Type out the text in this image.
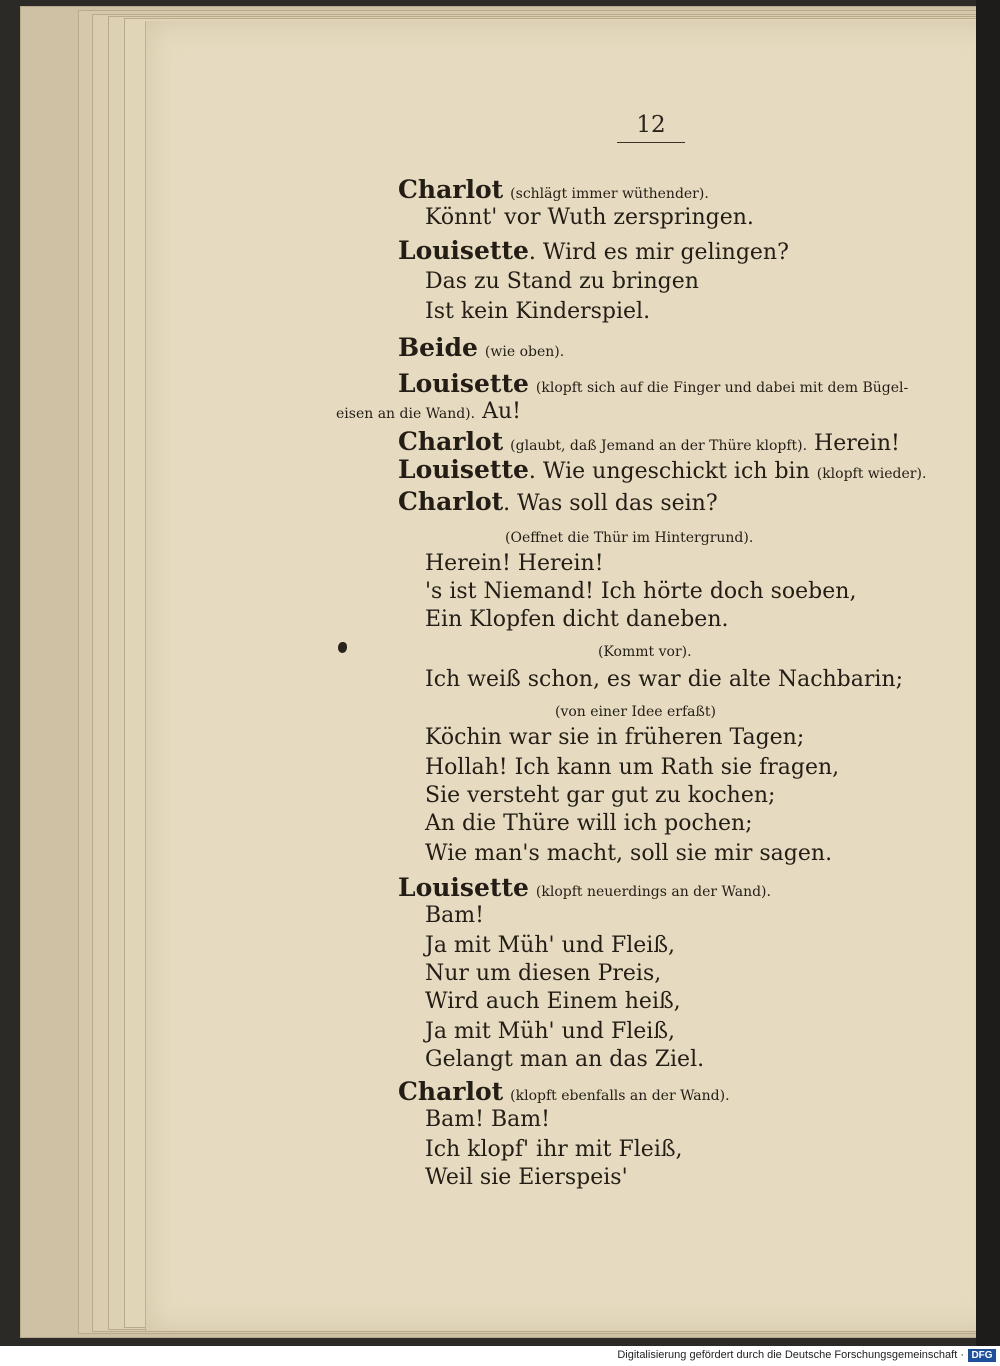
12
Charlot (schlägt immer wüthender).
Könnt' vor Wuth zerspringen.
Louisette. Wird es mir gelingen?
Das zu Stand zu bringen
Ist kein Kinderspiel.
Beide (wie oben).
Louisette (klopft sich auf die Finger und dabei mit dem Bügel-
eisen an die Wand). Au!
Charlot (glaubt, daß Jemand an der Thüre klopft). Herein!
Louisette. Wie ungeschickt ich bin (klopft wieder).
Charlot. Was soll das sein?
(Oeffnet die Thür im Hintergrund).
Herein! Herein!
's ist Niemand! Ich hörte doch soeben,
Ein Klopfen dicht daneben.
(Kommt vor).
Ich weiß schon, es war die alte Nachbarin;
(von einer Idee erfaßt)
Köchin war sie in früheren Tagen;
Hollah! Ich kann um Rath sie fragen,
Sie versteht gar gut zu kochen;
An die Thüre will ich pochen;
Wie man's macht, soll sie mir sagen.
Louisette (klopft neuerdings an der Wand).
Bam!
Ja mit Müh' und Fleiß,
Nur um diesen Preis,
Wird auch Einem heiß,
Ja mit Müh' und Fleiß,
Gelangt man an das Ziel.
Charlot (klopft ebenfalls an der Wand).
Bam! Bam!
Ich klopf' ihr mit Fleiß,
Weil sie Eierspeis'
Digitalisierung gefördert durch die Deutsche Forschungsgemeinschaft · DFG
